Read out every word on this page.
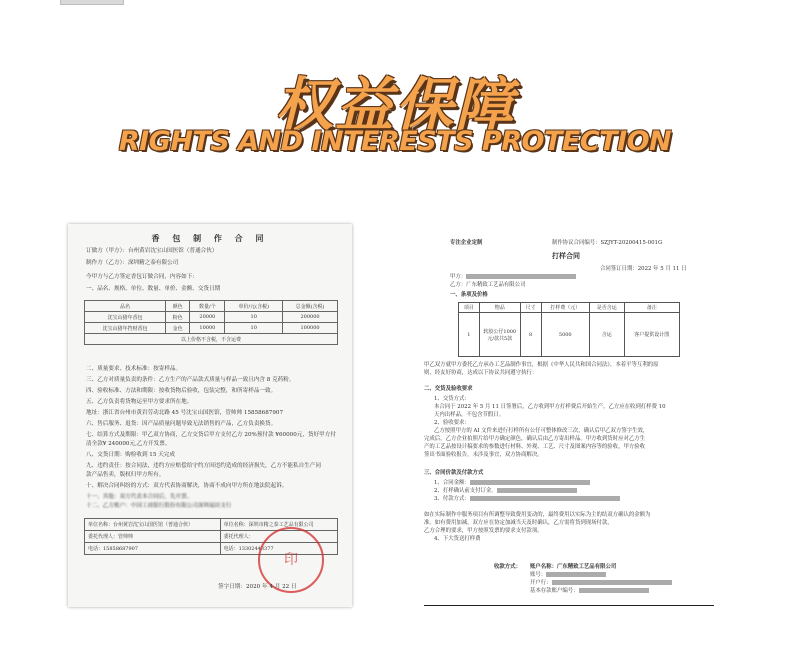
权益保障
RIGHTS AND INTERESTS PROTECTION
香 包 制 作 合 同
订做方（甲方）：台州黄岩沈宝山国医馆（普通合伙）
制作方（乙方）：深圳精之泰有限公司
今甲方与乙方签定香包订做合同，内容如下：
一、品名、规格、单位、数量、单价、金额、交货日期
品名	颜色	数量/个	单价/元(含税)	总金额(含税)
沈宝山猪年香包	粉色	20000	10	200000
沈宝山猪年挡财香包	金色	10000	10	100000
以上价格不含税，不含运费				
二、质量要求、技术标准：按寄样品。
三、乙方对质量负责的条件：乙方生产的产品款式质量与样品一致且内含 8 克药粉。
四、验收标准、方法和期限：按收货物后验收，包装完整，和所寄样品一致。
五、乙方负责将货物运至甲方要求所在地。
地址：浙江省台州市黄岩劳动北路 45 号沈宝山国医馆，管帅帅 15858687907
六、售后服务、退货：因产品质量问题导致无法销售的产品，乙方负责换货。
七、结算方式及期限：甲乙双方协商，乙方交货后甲方支付乙方 20%预付款 ¥60000元，货好甲方付
清全款¥ 240000元,乙方开发票。
八、交货日期：购检收到 15 天完成
九、违约责任：按合同法，违约方应赔偿给守约方因违约造成的经济损失，乙方不能私自生产同
款产品售卖，版权归甲方所有。
十、解决合同纠纷的方式：双方代表协商解决，协商不成向甲方所在地法院起诉。
十一、其他：双方代表本合同后，先开票。
十二、乙方账户：中国工商银行股份有限公司深圳福田支行
单位名称：台州黄岩沈宝山国医馆（普通合伙）	单位名称：深圳市精之泰工艺品有限公司
委托代理人：管帅帅	委托代理人：
电话：15858687907	电话：13302443377
印
签字日期：2020 年 4 月 22 日
专注企业定制	制作协议合同编号：SZJYT-20200415-001G
打样合同
合同签订日期：2022 年 5 月 11 日
甲方：
乙方：广东精致工艺品有限公司
一、条项及价格
项目	物品	尺寸	打样费（元）	是否含运	备注
1	软胶公仔1000元/款共5款	8	5000	含运	客户提供设计图
甲乙双方就甲方委托乙方承办工艺品制作事宜，根据《中华人民共和国合同法》，本着平等互利的原
则，经友好协商，达成以下协议共同遵守执行：
二、交货及验收要求
1、交货方式：
本合同于 2022 年 5 月 11 日签署后，乙方收到甲方打样费后开始生产。乙方应在收到打样费 10
天内出样品，不包含节假日。
2、验收要求：
乙方按照甲方的 AI 文件来进行打样所有公仔可整体修改三次，确认后甲乙双方签字生效，
完成后，乙方企业拍照片给甲方确定颜色，确认后由乙方寄出样品。甲方收到货时应对乙方生
产的工艺品按设计稿要求的参数进行材料、外观、工艺、尺寸及图案内容等的验收，甲方验收
签出书面验收报告，未涉及事宜，双方协商解决。
三、合同价款及付款方式
1、合同金额：
2、打样确认前支付订金。
3、付款方式：
如在实际制作中服务项目有所调整导致费用变动的，最终费用以实际为主的结双方确认的金额为
准。如有费用加减，双方应在协定加减当天及时确认，乙方需将货到现场付款，
乙方合理的要求，甲方按照发票的要求支付款项。
4、下大货送打样费
收款方式： 账户名称：广东精致工艺品有限公司
账号：
开户行：
基本存款账户编号：
